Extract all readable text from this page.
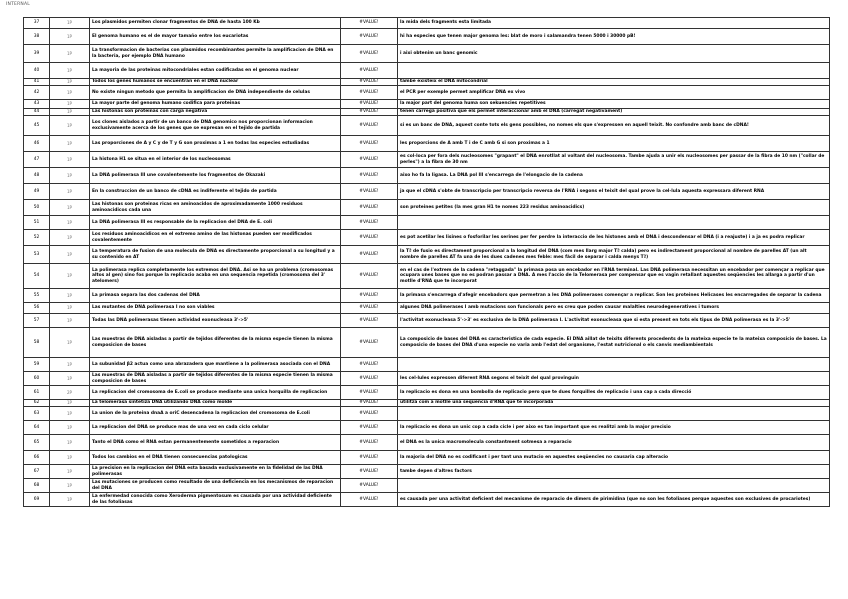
INTERNAL
37	1P	Los plasmidos permiten clonar fragmentos de DNA de hasta 100 Kb	#VALUE!	la mida dels fragments esta limitada
38	1P	El genoma humano es el de mayor tamaño entre los eucariotas	#VALUE!	hi ha especies que tenen major genoma les: blat de moro i salamandra tenen 5000 i 30000 pB!
39	1P	La transformacion de bacterias con plasmidos recombinantes permite la amplificacion de DNA en la bacteria, por ejemplo DNA humano	#VALUE!	i aixi obtenim un banc genomic
40	1P	La mayoria de las proteinas mitocondriales estan codificadas en el genoma nuclear	#VALUE!	
41	1P	Todos los genes humanos se encuentran en el DNA nuclear	#VALUE!	tambe existeix el DNA mitocondrial
42	1P	No existe ningun metodo que permita la amplificacion de DNA independiente de celulas	#VALUE!	el PCR per exemple permet amplificar DNA ex vivo
43	1P	La mayor parte del genoma humano codifica para proteinas	#VALUE!	la major part del genoma huma son sekuencies repetitives
44	1P	Las histonas son proteinas con carga negativa	#VALUE!	tenen carrega positiva que els permet interaccionar amb el DNA (carregat negativament)
45	1P	Los clones aislados a partir de un banco de DNA genomico nos proporcionan informacion exclusivamente acerca de los genes que se expresan en el tejido de partida	#VALUE!	si es un banc de DNA, aquest conte tots els gens possibles, no nomes els que s'expressen en aquell teixit. No confondre amb banc de cDNA!
46	1P	Las proporciones de A y C y de T y G son proximas a 1 en todas las especies estudiadas	#VALUE!	les proporcions de A amb T i de C amb G si son proximas a 1
47	1P	La histona H1 se situa en el interior de los nucleosomas	#VALUE!	es col-loca per fora dels nucleosomes "grapant" el DNA enrotllat al voltant del nucleosoma. Tambe ajuda a unir els nucleosomes per passar de la fibra de 10 nm ("collar de perles") a la fibra de 30 nm
48	1P	La DNA polimerasa III une covalentemente los fragmentos de Okazaki	#VALUE!	aixo ho fa la ligasa. La DNA pol III s'encarrega de l'elongacio de la cadena
49	1P	En la construccion de un banco de cDNA es indiferente el tejido de partida	#VALUE!	ja que el cDNA s'obte de transcripcio per transcripcio reversa de l'RNA i segons el teixit del qual prove la cel-lula aquesta expressara diferent RNA
50	1P	Las histonas son proteinas ricas en aminoacidos de aproximadamente 1000 residuos aminoacidicos cada una	#VALUE!	son proteines petites (la mes gran H1 te nomes 223 residus aminoacidics)
51	1P	La DNA polimerasa III es responsable de la replicacion del DNA de E. coli	#VALUE!	
52	1P	Los residuos aminoacidicos en el extremo amino de las histonas pueden ser modificados covalentemente	#VALUE!	es pot acetilar les lisines o fosforilar les serines per fer perdre la interaccio de les histones amb el DNA i descondensar el DNA (i a reajuste) i a ja es podra replicar
53	1P	La temperatura de fusion de una molecula de DNA es directamente proporcional a su longitud y a su contenido en AT	#VALUE!	la Tª de fusio es directament proporcional a la longitud del DNA (com mes llarg major Tª calda) pero es indirectament proporcional al nombre de parelles AT (un alt nombre de parelles AT fa una de les dues cadenes mes feble: mes fàcil de separar i calda menys Tª)
54	1P	La polimerasa replica completamente los extremos del DNA. Asi se ha un problema (cromosomas altos al gen) sino fos porque la replicacio acaba en una sequencia repetida (cromosoma del 3' atelomers)	#VALUE!	en el cas de l'extrem de la cadena "retaggada" la primasa posa un encebador en l'RNA terminal. Las DNA polimerasa necessitan un encebador per començar a replicar que ocupara unes bases que no es podran passar a DNA. A mes l'accio de la Telomerasa per compensar que es vagin retallant aquestes seqüencies les allarga a partir d'un motlle d'RNA que te incorporat
55	1P	La primasa separa las dos cadenas del DNA	#VALUE!	la primasa s'encarrega d'afegir encebadors que permetran a les DNA polimerases començar a replicar. Son les proteines Helicases les encarregades de separar la cadena
56	1P	Las mutantes de DNA polimerasa I no son viables	#VALUE!	algunes DNA polimerases I amb mutacions son funcionals pero es creu que poden causar malalties neurodegeneratives i tumors
57	1P	Todas las DNA polimerasas tienen actividad exonucleasa 3'->5'	#VALUE!	l'activitat exonucleasa 5'->3' es exclusiva de la DNA polimerasa I. L'activitat exonucleasa que si esta present en tots els tipus de DNA polimerasa es la 3'->5'
58	1P	Las muestras de DNA aisladas a partir de tejidos diferentes de la misma especie tienen la misma composicion de bases	#VALUE!	La composicio de bases del DNA es caracteristica de cada especie. El DNA aillat de teixits diferents procedents de la mateixa especie te la mateixa composicio de bases. La composicio de bases del DNA d'una especie no varia amb l'edat del organisme, l'estat nutricional o els canvis mediambientals
59	1P	La subunidad β2 actua como una abrazadera que mantiene a la polimerasa asociada con el DNA	#VALUE!	
60	1P	Las muestras de DNA aisladas a partir de tejidos diferentes de la misma especie tienen la misma composicion de bases	#VALUE!	les cel-lules expressen diferent RNA segons el teixit del qual provinguin
61	2P	La replicacion del cromosoma de E.coli se produce mediante una unica horquilla de replicacion	#VALUE!	la replicacio es dona en una bombolla de replicacio pero que te dues forquilles de replicacio i una cap a cada direcció
62	1P	La telomerasa sintetiza DNA utilizando DNA como molde	#VALUE!	utilitza com a motlle una sequencia d'RNA que te incorporada
63	1P	La union de la proteina dnaA a oriC desencadena la replicacion del cromosoma de E.coli	#VALUE!	
64	1P	La replicacion del DNA se produce mas de una vez en cada ciclo celular	#VALUE!	la replicacio es dona un unic cop a cada cicle i per aixo es tan important que es realitzi amb la major precisio
65	1P	Tanto el DNA como el RNA estan permanentemente sometidos a reparacion	#VALUE!	el DNA es la unica macromolecula constantment sotmesa a reparacio
66	1P	Todos los cambios en el DNA tienen consecuencias patologicas	#VALUE!	la majoria del DNA no es codificant i per tant una mutacio en aquestes seqüencies no causaria cap alteracio
67	1P	La precision en la replicacion del DNA esta basada exclusivamente en la fidelidad de las DNA polimerasas	#VALUE!	tambe depen d'altres factors
68	1P	Las mutaciones se producen como resultado de una deficiencia en los mecanismos de reparacion del DNA	#VALUE!	
69	1P	La enfermedad conocida como Xeroderma pigmentosum es causada por una actividad deficiente de las fotoliasas	#VALUE!	es causada per una activitat deficient del mecanisme de reparacio de dimers de pirimidina (que no son les fotoliases perque aquestes son exclusives de procariotes)
